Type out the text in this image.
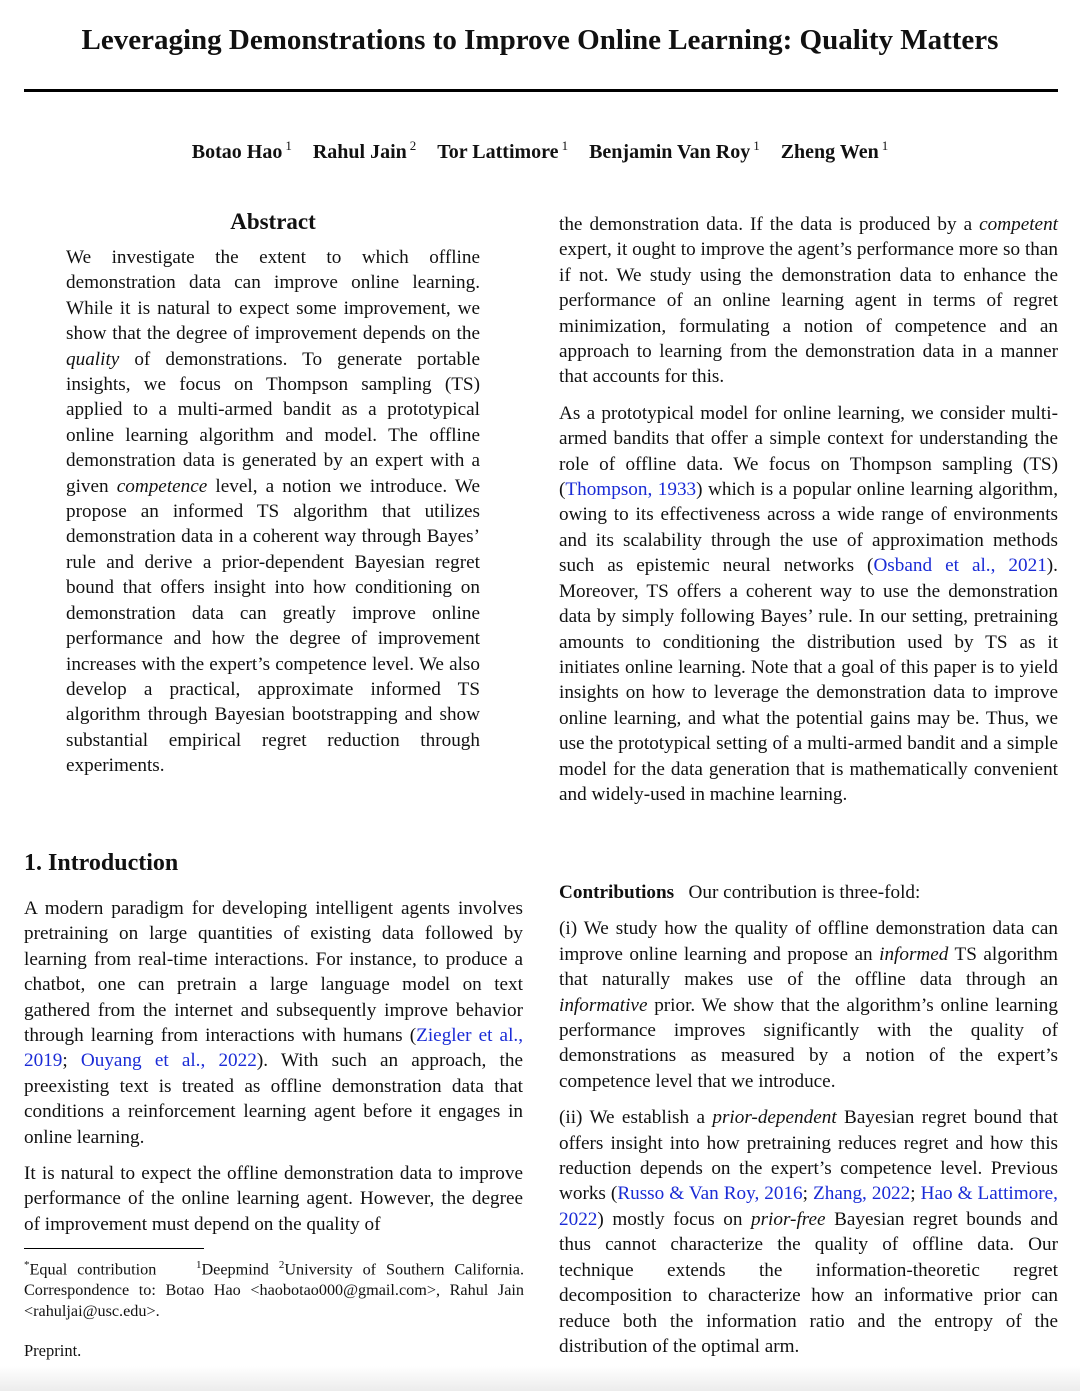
Leveraging Demonstrations to Improve Online Learning: Quality Matters
Botao Hao $^1$ Rahul Jain $^2$ Tor Lattimore $^1$ Benjamin Van Roy $^1$ Zheng Wen $^1$
Abstract

We investigate the extent to which offline demonstration data can improve online learning. While it is natural to expect some improvement, we show that the degree of improvement depends on the quality of demonstrations. To generate portable insights, we focus on Thompson sampling (TS) applied to a multi-armed bandit as a prototypical online learning algorithm and model. The offline demonstration data is generated by an expert with a given competence level, a notion we introduce. We propose an informed TS algorithm that utilizes demonstration data in a coherent way through Bayes’ rule and derive a prior-dependent Bayesian regret bound that offers insight into how conditioning on demonstration data can greatly improve online performance and how the degree of improvement increases with the expert’s competence level. We also develop a practical, approximate informed TS algorithm through Bayesian bootstrapping and show substantial empirical regret reduction through experiments.

1. Introduction

A modern paradigm for developing intelligent agents involves pretraining on large quantities of existing data followed by learning from real-time interactions. For instance, to produce a chatbot, one can pretrain a large language model on text gathered from the internet and subsequently improve behavior through learning from interactions with humans (Ziegler et al., 2019; Ouyang et al., 2022). With such an approach, the preexisting text is treated as offline demonstration data that conditions a reinforcement learning agent before it engages in online learning.

It is natural to expect the offline demonstration data to improve performance of the online learning agent. However, the degree of improvement must depend on the quality of

the demonstration data. If the data is produced by a competent expert, it ought to improve the agent’s performance more so than if not. We study using the demonstration data to enhance the performance of an online learning agent in terms of regret minimization, formulating a notion of competence and an approach to learning from the demonstration data in a manner that accounts for this.

As a prototypical model for online learning, we consider multi-armed bandits that offer a simple context for understanding the role of offline data. We focus on Thompson sampling (TS) (Thompson, 1933) which is a popular online learning algorithm, owing to its effectiveness across a wide range of environments and its scalability through the use of approximation methods such as epistemic neural networks (Osband et al., 2021). Moreover, TS offers a coherent way to use the demonstration data by simply following Bayes’ rule. In our setting, pretraining amounts to conditioning the distribution used by TS as it initiates online learning. Note that a goal of this paper is to yield insights on how to leverage the demonstration data to improve online learning, and what the potential gains may be. Thus, we use the prototypical setting of a multi-armed bandit and a simple model for the data generation that is mathematically convenient and widely-used in machine learning.

Contributions Our contribution is three-fold:

(i) We study how the quality of offline demonstration data can improve online learning and propose an informed TS algorithm that naturally makes use of the offline data through an informative prior. We show that the algorithm’s online learning performance improves significantly with the quality of demonstrations as measured by a notion of the expert’s competence level that we introduce.

(ii) We establish a prior-dependent Bayesian regret bound that offers insight into how pretraining reduces regret and how this reduction depends on the expert’s competence level. Previous works (Russo & Van Roy, 2016; Zhang, 2022; Hao & Lattimore, 2022) mostly focus on prior-free Bayesian regret bounds and thus cannot characterize the quality of offline data. Our technique extends the information-theoretic regret decomposition to characterize how an informative prior can reduce both the information ratio and the entropy of the distribution of the optimal arm.

*Equal contribution	$^1$Deepmind $^2$University of Southern California. Correspondence to: Botao Hao <haobotao000@gmail.com>, Rahul Jain <rahuljai@usc.edu>.
Preprint.
